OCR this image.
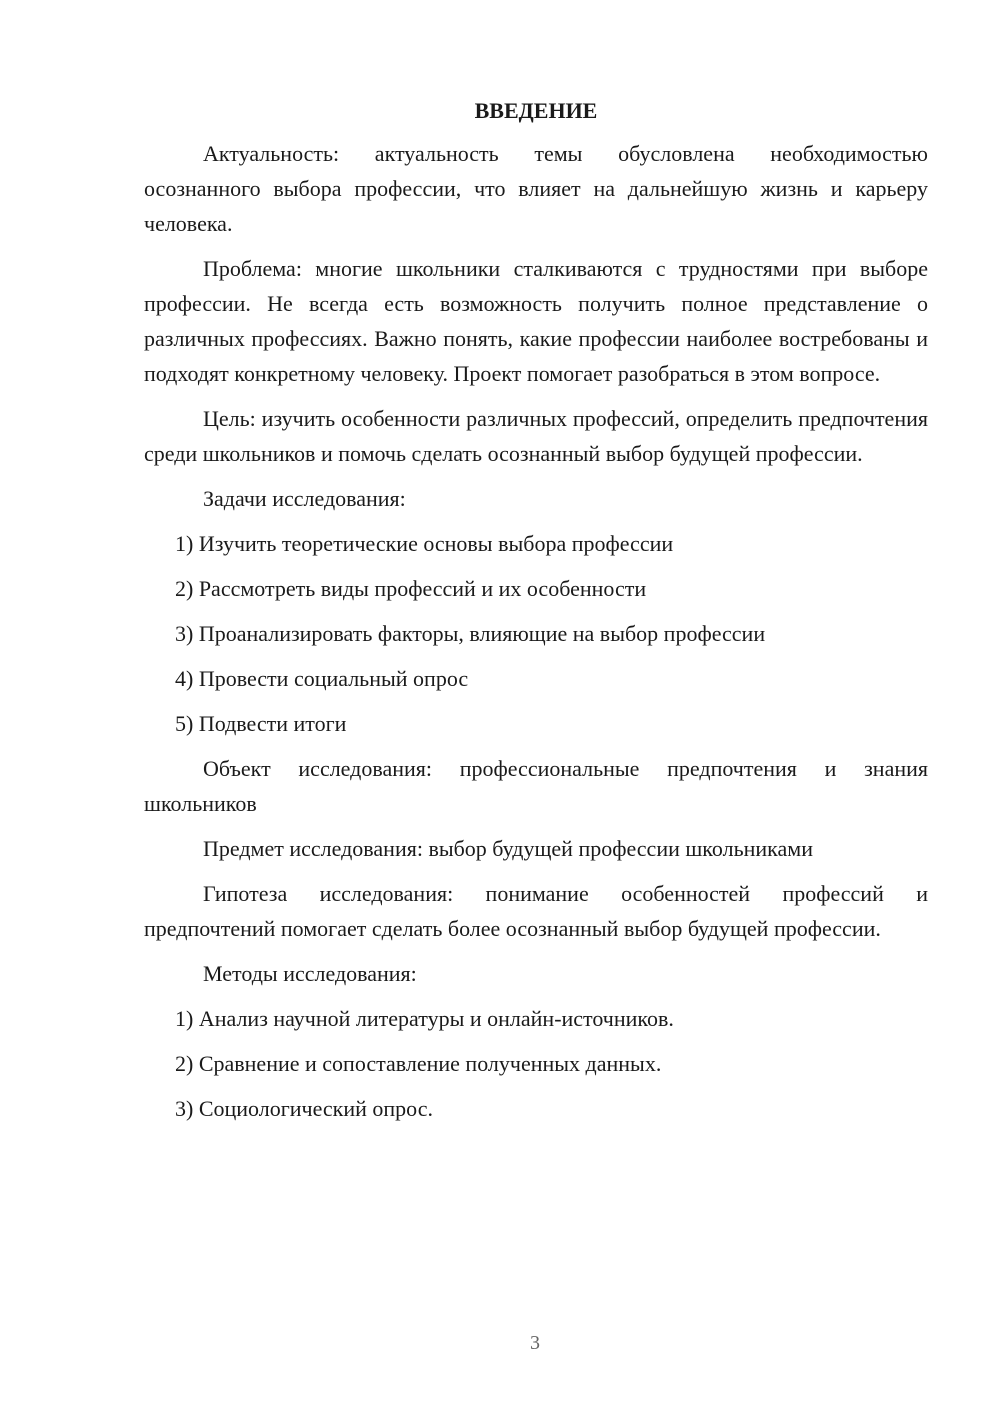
ВВЕДЕНИЕ

Актуальность: актуальность темы обусловлена необходимостью осознанного выбора профессии, что влияет на дальнейшую жизнь и карьеру человека.

Проблема: многие школьники сталкиваются с трудностями при выборе профессии. Не всегда есть возможность получить полное представление о различных профессиях. Важно понять, какие профессии наиболее востребованы и подходят конкретному человеку. Проект помогает разобраться в этом вопросе.

Цель: изучить особенности различных профессий, определить предпочтения среди школьников и помочь сделать осознанный выбор будущей профессии.

Задачи исследования:

1) Изучить теоретические основы выбора профессии
2) Рассмотреть виды профессий и их особенности
3) Проанализировать факторы, влияющие на выбор профессии
4) Провести социальный опрос
5) Подвести итоги

Объект исследования: профессиональные предпочтения и знания школьников

Предмет исследования: выбор будущей профессии школьниками

Гипотеза исследования: понимание особенностей профессий и предпочтений помогает сделать более осознанный выбор будущей профессии.

Методы исследования:

1) Анализ научной литературы и онлайн-источников.
2) Сравнение и сопоставление полученных данных.
3) Социологический опрос.
3
